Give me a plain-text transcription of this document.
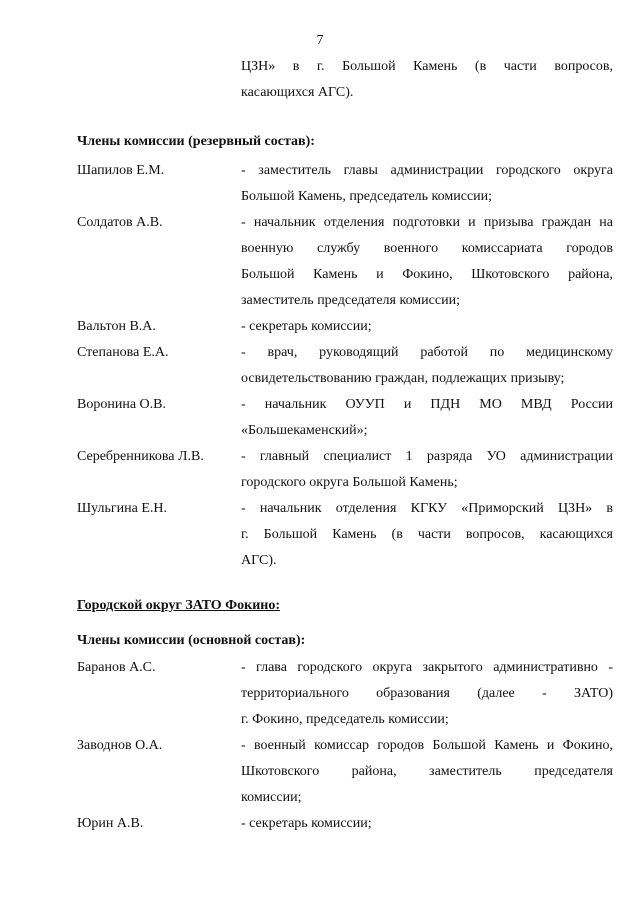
7
ЦЗН» в г. Большой Камень (в части вопросов,
касающихся АГС).
Члены комиссии (резервный состав):
Шапилов Е.М.	- заместитель главы администрации городского округа
Большой Камень, председатель комиссии;
Солдатов А.В.	- начальник отделения подготовки и призыва граждан на
военную службу военного комиссариата городов
Большой Камень и Фокино, Шкотовского района,
заместитель председателя комиссии;
Вальтон В.А.	- секретарь комиссии;
Степанова Е.А.	- врач, руководящий работой по медицинскому
освидетельствованию граждан, подлежащих призыву;
Воронина О.В.	- начальник ОУУП и ПДН МО МВД России
«Большекаменский»;
Серебренникова Л.В.	- главный специалист 1 разряда УО администрации
городского округа Большой Камень;
Шульгина Е.Н.	- начальник отделения КГКУ «Приморский ЦЗН» в
г. Большой Камень (в части вопросов, касающихся
АГС).
Городской округ ЗАТО Фокино:
Члены комиссии (основной состав):
Баранов А.С.	- глава городского округа закрытого административно -
территориального образования (далее - ЗАТО)
г. Фокино, председатель комиссии;
Заводнов О.А.	- военный комиссар городов Большой Камень и Фокино,
Шкотовского района, заместитель председателя
комиссии;
Юрин А.В.	- секретарь комиссии;
